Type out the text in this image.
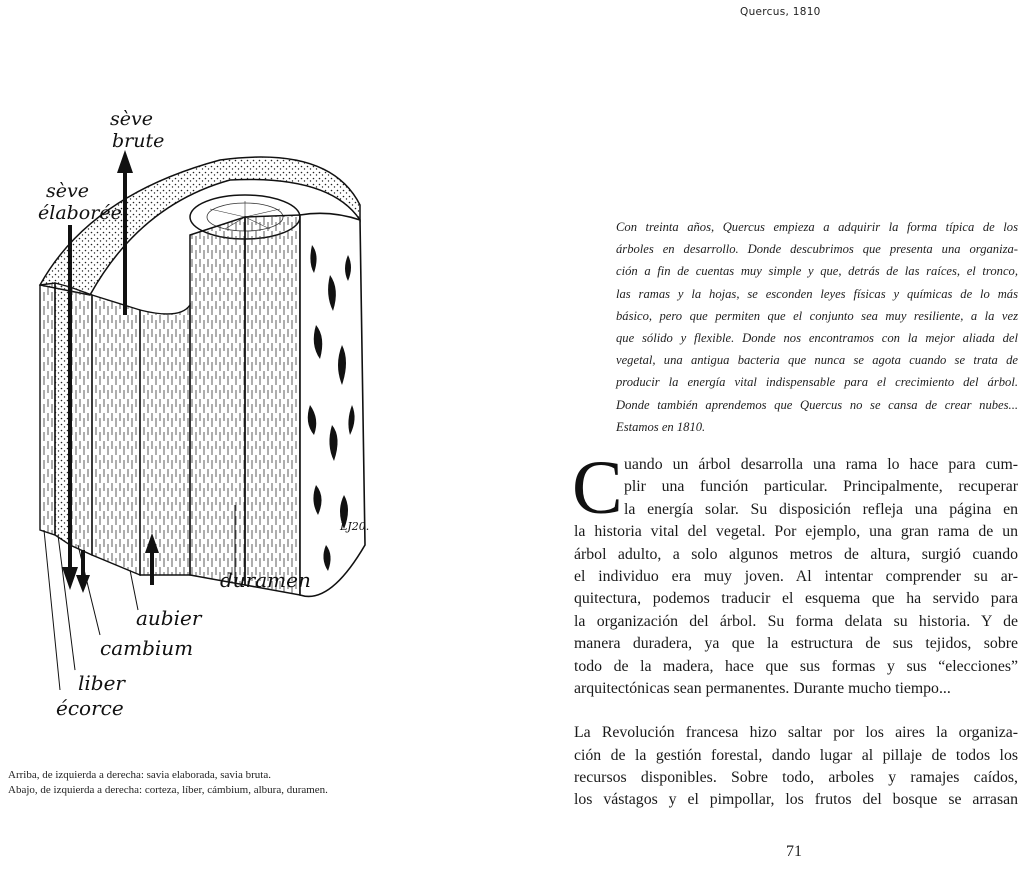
Quercus, 1810
sève
brute
sève
élaborée
LJ20.
duramen
aubier
cambium
liber
écorce
Arriba, de izquierda a derecha: savia elaborada, savia bruta.
Abajo, de izquierda a derecha: corteza, líber, cámbium, albura, duramen.
Con treinta años, Quercus empieza a adquirir la forma típica de los
árboles en desarrollo. Donde descubrimos que presenta una organiza-
ción a fin de cuentas muy simple y que, detrás de las raíces, el tronco,
las ramas y la hojas, se esconden leyes físicas y químicas de lo más
básico, pero que permiten que el conjunto sea muy resiliente, a la vez
que sólido y flexible. Donde nos encontramos con la mejor aliada del
vegetal, una antigua bacteria que nunca se agota cuando se trata de
producir la energía vital indispensable para el crecimiento del árbol.
Donde también aprendemos que Quercus no se cansa de crear nubes...
Estamos en 1810.
C uando un árbol desarrolla una rama lo hace para cum-
plir una función particular. Principalmente, recuperar
la energía solar. Su disposición refleja una página en
la historia vital del vegetal. Por ejemplo, una gran rama de un
árbol adulto, a solo algunos metros de altura, surgió cuando
el individuo era muy joven. Al intentar comprender su ar-
quitectura, podemos traducir el esquema que ha servido para
la organización del árbol. Su forma delata su historia. Y de
manera duradera, ya que la estructura de sus tejidos, sobre
todo de la madera, hace que sus formas y sus “elecciones”
arquitectónicas sean permanentes. Durante mucho tiempo...
La Revolución francesa hizo saltar por los aires la organiza-
ción de la gestión forestal, dando lugar al pillaje de todos los
recursos disponibles. Sobre todo, arboles y ramajes caídos,
los vástagos y el pimpollar, los frutos del bosque se arrasan
71
